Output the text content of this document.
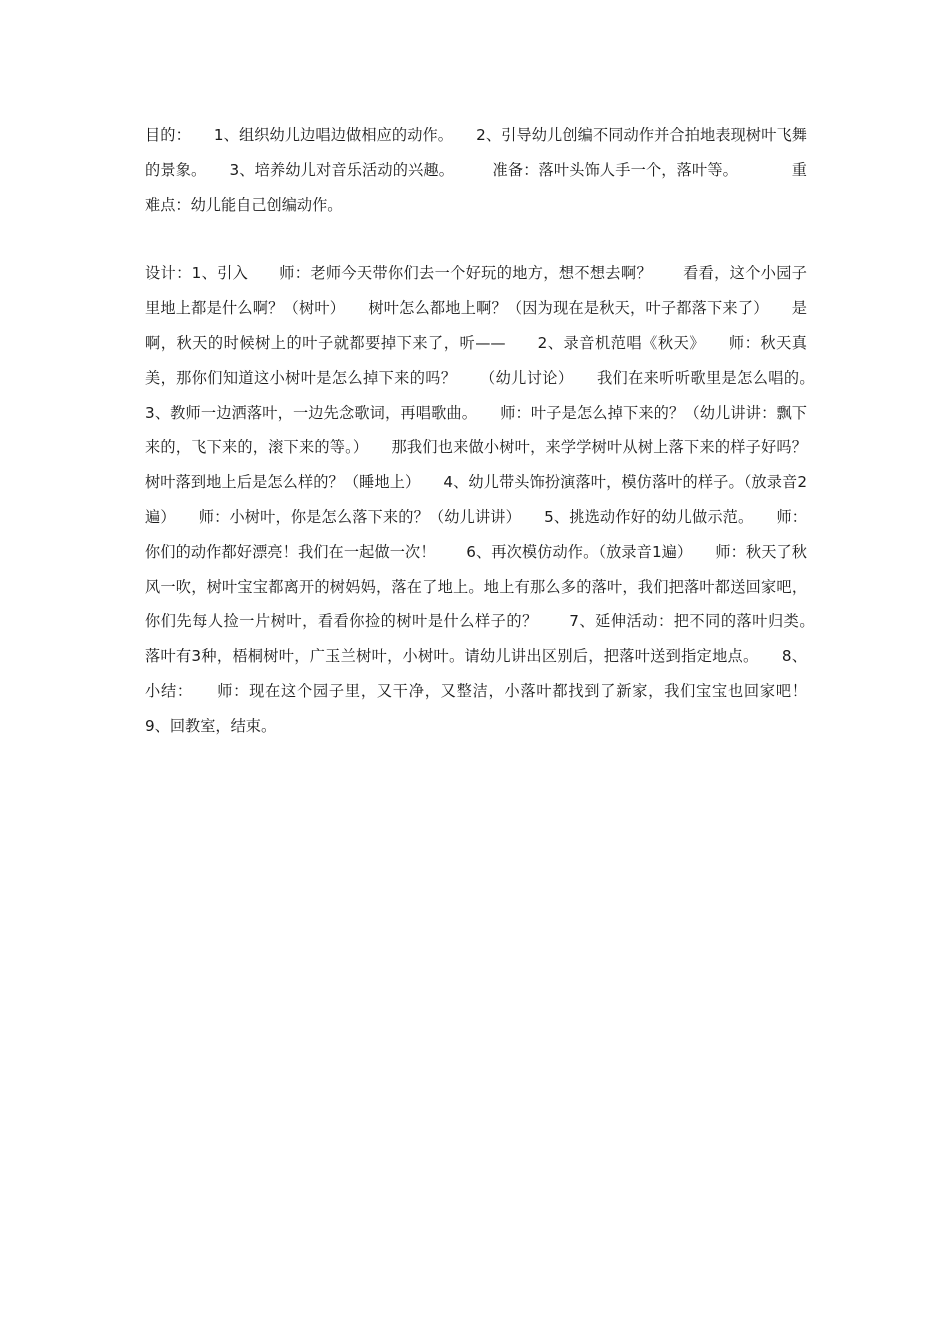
目的：　　1、组织幼儿边唱边做相应的动作。　　2、引导幼儿创编不同动作并合拍地表现树叶飞舞的景象。　　3、培养幼儿对音乐活动的兴趣。　　　准备：落叶头饰人手一个，落叶等。　　　　重难点：幼儿能自己创编动作。

设计：1、引入　　师：老师今天带你们去一个好玩的地方，想不想去啊？　　看看，这个小园子里地上都是什么啊？（树叶）　　树叶怎么都地上啊？（因为现在是秋天，叶子都落下来了）　　是啊，秋天的时候树上的叶子就都要掉下来了，听——　　2、录音机范唱《秋天》　　师：秋天真美，那你们知道这小树叶是怎么掉下来的吗？　　（幼儿讨论）　　我们在来听听歌里是怎么唱的。　　3、教师一边洒落叶，一边先念歌词，再唱歌曲。　　师：叶子是怎么掉下来的？（幼儿讲讲：飘下来的，飞下来的，滚下来的等。）　　那我们也来做小树叶，来学学树叶从树上落下来的样子好吗？树叶落到地上后是怎么样的？（睡地上）　　4、幼儿带头饰扮演落叶，模仿落叶的样子。（放录音2遍）　　师：小树叶，你是怎么落下来的？（幼儿讲讲）　　5、挑选动作好的幼儿做示范。　　师：你们的动作都好漂亮！我们在一起做一次！　　6、再次模仿动作。（放录音1遍）　　师：秋天了秋风一吹，树叶宝宝都离开的树妈妈，落在了地上。地上有那么多的落叶，我们把落叶都送回家吧，你们先每人捡一片树叶，看看你捡的树叶是什么样子的？　　7、延伸活动：把不同的落叶归类。　　落叶有3种，梧桐树叶，广玉兰树叶，小树叶。请幼儿讲出区别后，把落叶送到指定地点。　　8、小结：　　师：现在这个园子里，又干净，又整洁，小落叶都找到了新家，我们宝宝也回家吧！　　9、回教室，结束。
